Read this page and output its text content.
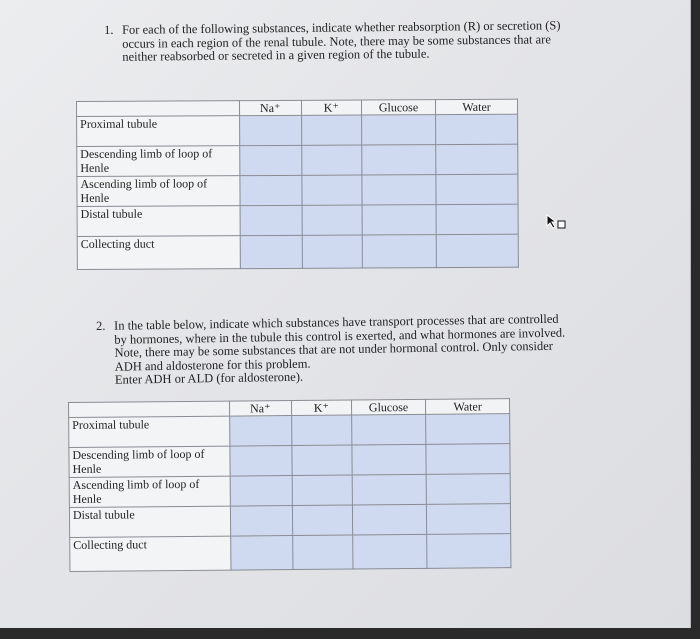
1. For each of the following substances, indicate whether reabsorption (R) or secretion (S) occurs in each region of the renal tubule. Note, there may be some substances that are neither reabsorbed or secreted in a given region of the tubule.
	Na⁺	K⁺	Glucose	Water
Proximal tubule				
Descending limb of loop of Henle				
Ascending limb of loop of Henle				
Distal tubule				
Collecting duct				
2. In the table below, indicate which substances have transport processes that are controlled by hormones, where in the tubule this control is exerted, and what hormones are involved. Note, there may be some substances that are not under hormonal control. Only consider ADH and aldosterone for this problem.
Enter ADH or ALD (for aldosterone).
	Na⁺	K⁺	Glucose	Water
Proximal tubule				
Descending limb of loop of Henle				
Ascending limb of loop of Henle				
Distal tubule				
Collecting duct				
